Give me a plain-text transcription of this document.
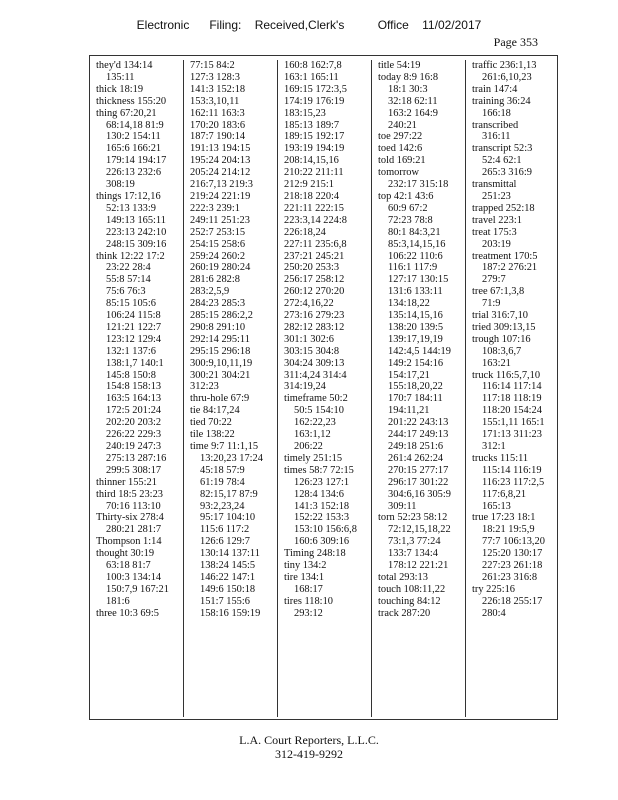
Electronic      Filing:    Received,Clerk's          Office    11/02/2017
Page 353
they'd 134:14
135:11
thick 18:19
thickness 155:20
thing 67:20,21
68:14,18 81:9
130:2 154:11
165:6 166:21
179:14 194:17
226:13 232:6
308:19
things 17:12,16
52:13 133:9
149:13 165:11
223:13 242:10
248:15 309:16
think 12:22 17:2
23:22 28:4
55:8 57:14
75:6 76:3
85:15 105:6
106:24 115:8
121:21 122:7
123:12 129:4
132:1 137:6
138:1,7 140:1
145:8 150:8
154:8 158:13
163:5 164:13
172:5 201:24
202:20 203:2
226:22 229:3
240:19 247:3
275:13 287:16
299:5 308:17
thinner 155:21
third 18:5 23:23
70:16 113:10
Thirty-six 278:4
280:21 281:7
Thompson 1:14
thought 30:19
63:18 81:7
100:3 134:14
150:7,9 167:21
181:6
three 10:3 69:5
77:15 84:2
127:3 128:3
141:3 152:18
153:3,10,11
162:11 163:3
170:20 183:6
187:7 190:14
191:13 194:15
195:24 204:13
205:24 214:12
216:7,13 219:3
219:24 221:19
222:3 239:1
249:11 251:23
252:7 253:15
254:15 258:6
259:24 260:2
260:19 280:24
281:6 282:8
283:2,5,9
284:23 285:3
285:15 286:2,2
290:8 291:10
292:14 295:11
295:15 296:18
300:9,10,11,19
300:21 304:21
312:23
thru-hole 67:9
tie 84:17,24
tied 70:22
tile 138:22
time 9:7 11:1,15
13:20,23 17:24
45:18 57:9
61:19 78:4
82:15,17 87:9
93:2,23,24
95:17 104:10
115:6 117:2
126:6 129:7
130:14 137:11
138:24 145:5
146:22 147:1
149:6 150:18
151:7 155:6
158:16 159:19
160:8 162:7,8
163:1 165:11
169:15 172:3,5
174:19 176:19
183:15,23
185:13 189:7
189:15 192:17
193:19 194:19
208:14,15,16
210:22 211:11
212:9 215:1
218:18 220:4
221:11 222:15
223:3,14 224:8
226:18,24
227:11 235:6,8
237:21 245:21
250:20 253:3
256:17 258:12
260:12 270:20
272:4,16,22
273:16 279:23
282:12 283:12
301:1 302:6
303:15 304:8
304:24 309:13
311:4,24 314:4
314:19,24
timeframe 50:2
50:5 154:10
162:22,23
163:1,12
206:22
timely 251:15
times 58:7 72:15
126:23 127:1
128:4 134:6
141:3 152:18
152:22 153:3
153:10 156:6,8
160:6 309:16
Timing 248:18
tiny 134:2
tire 134:1
168:17
tires 118:10
293:12
title 54:19
today 8:9 16:8
18:1 30:3
32:18 62:11
163:2 164:9
240:21
toe 297:22
toed 142:6
told 169:21
tomorrow
232:17 315:18
top 42:1 43:6
60:9 67:2
72:23 78:8
80:1 84:3,21
85:3,14,15,16
106:22 110:6
116:1 117:9
127:17 130:15
131:6 133:11
134:18,22
135:14,15,16
138:20 139:5
139:17,19,19
142:4,5 144:19
149:2 154:16
154:17,21
155:18,20,22
170:7 184:11
194:11,21
201:22 243:13
244:17 249:13
249:18 251:6
261:4 262:24
270:15 277:17
296:17 301:22
304:6,16 305:9
309:11
torn 52:23 58:12
72:12,15,18,22
73:1,3 77:24
133:7 134:4
178:12 221:21
total 293:13
touch 108:11,22
touching 84:12
track 287:20
traffic 236:1,13
261:6,10,23
train 147:4
training 36:24
166:18
transcribed
316:11
transcript 52:3
52:4 62:1
265:3 316:9
transmittal
251:23
trapped 252:18
travel 223:1
treat 175:3
203:19
treatment 170:5
187:2 276:21
279:7
tree 67:1,3,8
71:9
trial 316:7,10
tried 309:13,15
trough 107:16
108:3,6,7
163:21
truck 116:5,7,10
116:14 117:14
117:18 118:19
118:20 154:24
155:1,11 165:1
171:13 311:23
312:1
trucks 115:11
115:14 116:19
116:23 117:2,5
117:6,8,21
165:13
true 17:23 18:1
18:21 19:5,9
77:7 106:13,20
125:20 130:17
227:23 261:18
261:23 316:8
try 225:16
226:18 255:17
280:4
L.A. Court Reporters, L.L.C.
312-419-9292
